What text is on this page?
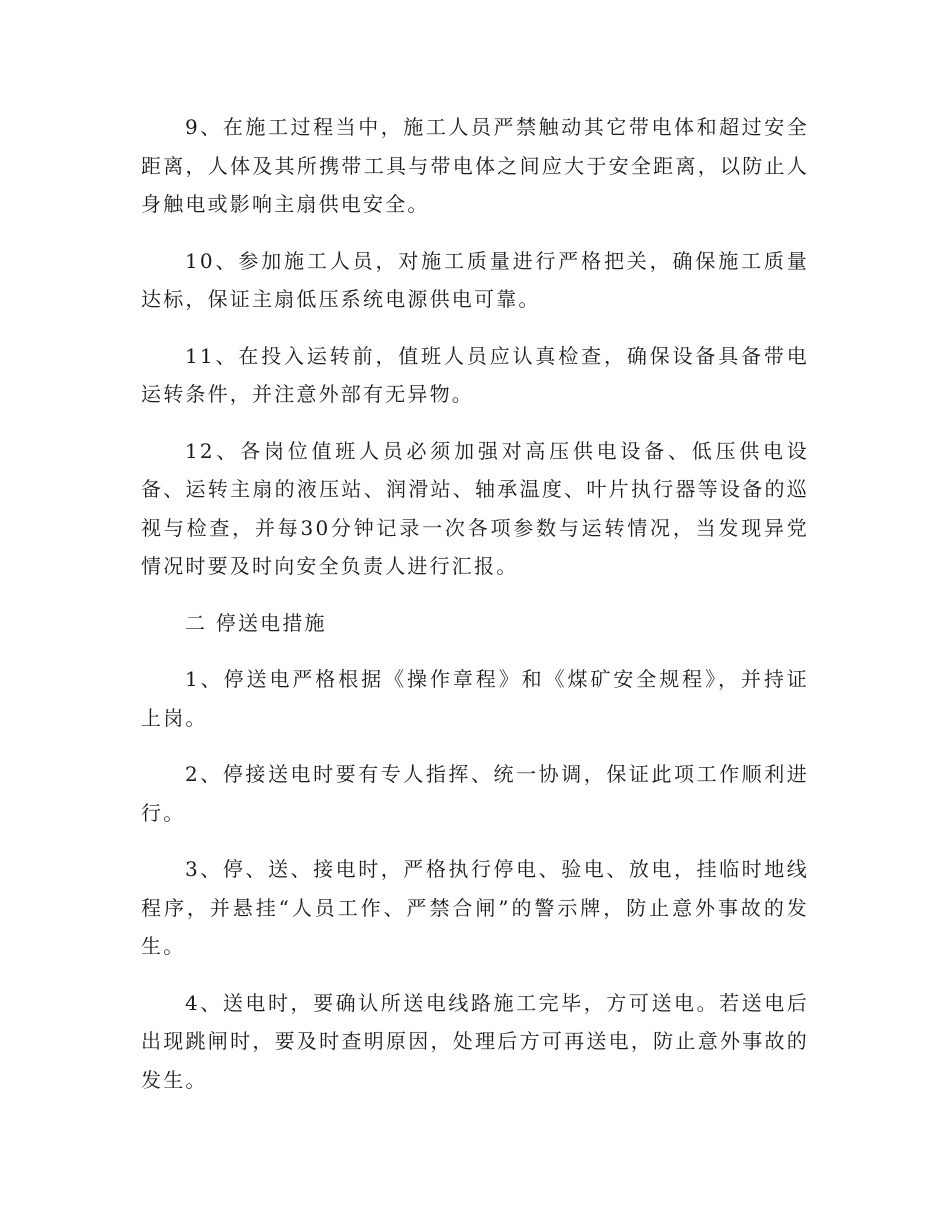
9、在施工过程当中，施工人员严禁触动其它带电体和超过安全距离，人体及其所携带工具与带电体之间应大于安全距离，以防止人身触电或影响主扇供电安全。

10、参加施工人员，对施工质量进行严格把关，确保施工质量达标，保证主扇低压系统电源供电可靠。

11、在投入运转前，值班人员应认真检查，确保设备具备带电运转条件，并注意外部有无异物。

12、各岗位值班人员必须加强对高压供电设备、低压供电设备、运转主扇的液压站、润滑站、轴承温度、叶片执行器等设备的巡视与检查，并每30分钟记录一次各项参数与运转情况，当发现异党情况时要及时向安全负责人进行汇报。

二 停送电措施

1、停送电严格根据《操作章程》和《煤矿安全规程》，并持证上岗。

2、停接送电时要有专人指挥、统一协调，保证此项工作顺利进行。

3、停、送、接电时，严格执行停电、验电、放电，挂临时地线程序，并悬挂“人员工作、严禁合闸”的警示牌，防止意外事故的发生。

4、送电时，要确认所送电线路施工完毕，方可送电。若送电后出现跳闸时，要及时查明原因，处理后方可再送电，防止意外事故的发生。
